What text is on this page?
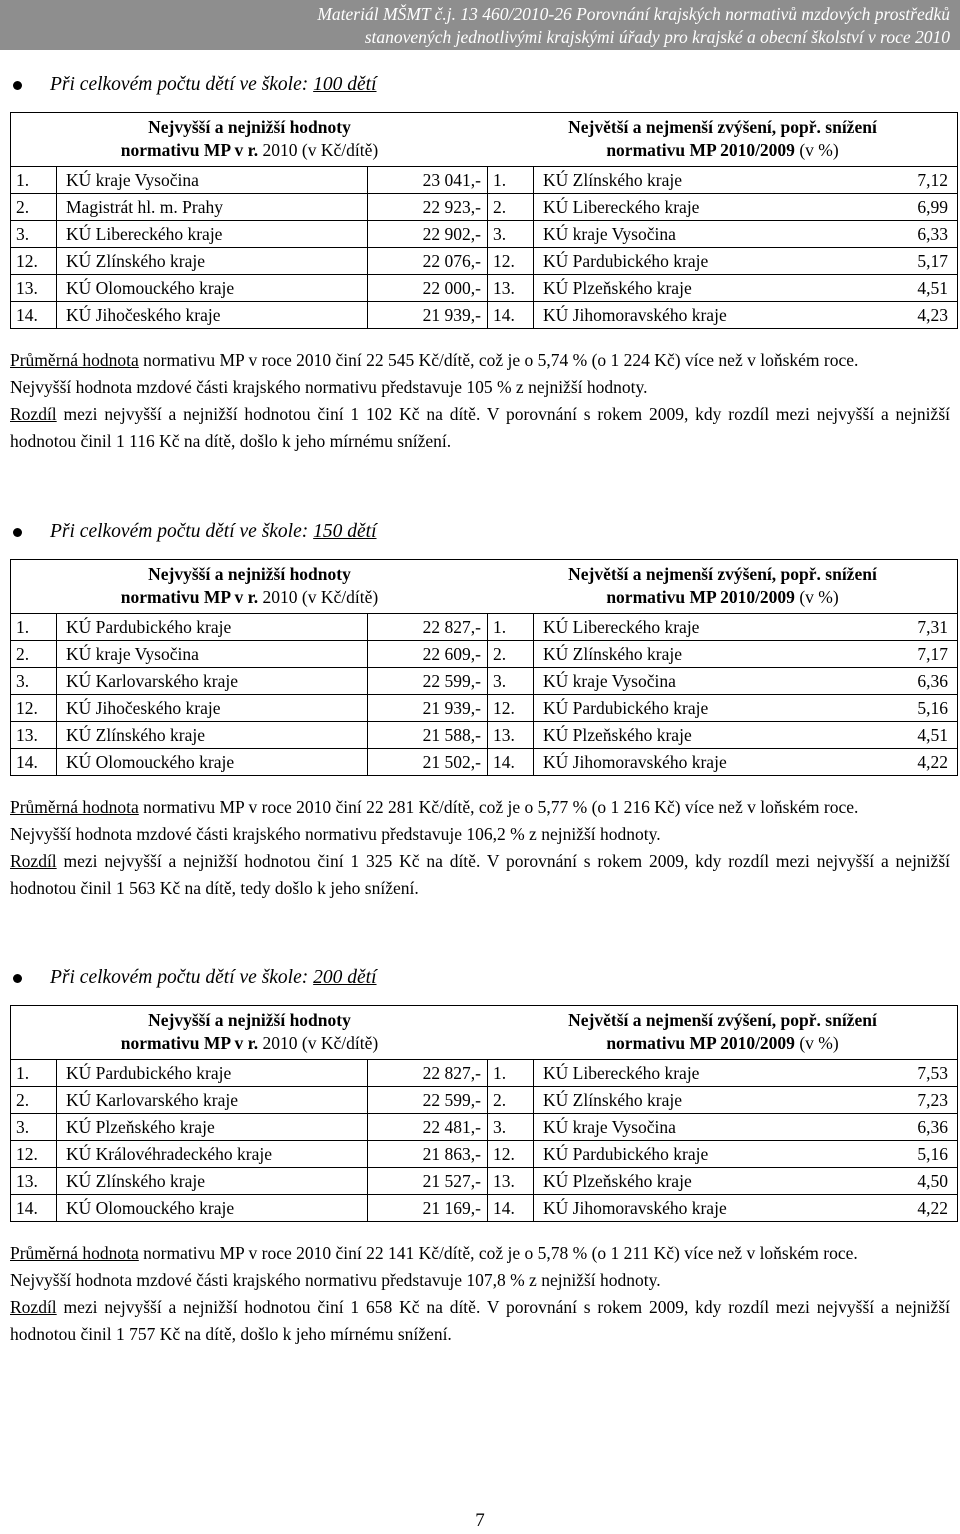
Materiál MŠMT č.j. 13 460/2010-26 Porovnání krajských normativů mzdových prostředků
stanovených jednotlivými krajskými úřady pro krajské a obecní školství v roce 2010
Při celkovém počtu dětí ve škole: 100 dětí
Nejvyšší a nejnižší hodnoty
normativu MP v r. 2010 (v Kč/dítě)
Největší a nejmenší zvýšení, popř. snížení
normativu MP 2010/2009 (v %)
1.	KÚ kraje Vysočina	23 041,- 1.	KÚ Zlínského kraje	7,12
2.	Magistrát hl. m. Prahy	22 923,- 2.	KÚ Libereckého kraje	6,99
3.	KÚ Libereckého kraje	22 902,- 3.	KÚ kraje Vysočina	6,33
12.	KÚ Zlínského kraje	22 076,- 12.	KÚ Pardubického kraje	5,17
13.	KÚ Olomouckého kraje	22 000,- 13.	KÚ Plzeňského kraje	4,51
14.	KÚ Jihočeského kraje	21 939,- 14.	KÚ Jihomoravského kraje	4,23

Průměrná hodnota normativu MP v roce 2010 činí 22 545 Kč/dítě, což je o 5,74 % (o 1 224 Kč) více než v loňském roce.

Nejvyšší hodnota mzdové části krajského normativu představuje 105 % z nejnižší hodnoty.

Rozdíl mezi nejvyšší a nejnižší hodnotou činí 1 102 Kč na dítě. V porovnání s rokem 2009, kdy rozdíl mezi nejvyšší a nejnižší hodnotou činil 1 116 Kč na dítě, došlo k jeho mírnému snížení.

Při celkovém počtu dětí ve škole: 150 dětí
Nejvyšší a nejnižší hodnoty
normativu MP v r. 2010 (v Kč/dítě)
Největší a nejmenší zvýšení, popř. snížení
normativu MP 2010/2009 (v %)
1.	KÚ Pardubického kraje	22 827,- 1.	KÚ Libereckého kraje	7,31
2.	KÚ kraje Vysočina	22 609,- 2.	KÚ Zlínského kraje	7,17
3.	KÚ Karlovarského kraje	22 599,- 3.	KÚ kraje Vysočina	6,36
12.	KÚ Jihočeského kraje	21 939,- 12.	KÚ Pardubického kraje	5,16
13.	KÚ Zlínského kraje	21 588,- 13.	KÚ Plzeňského kraje	4,51
14.	KÚ Olomouckého kraje	21 502,- 14.	KÚ Jihomoravského kraje	4,22

Průměrná hodnota normativu MP v roce 2010 činí 22 281 Kč/dítě, což je o 5,77 % (o 1 216 Kč) více než v loňském roce.

Nejvyšší hodnota mzdové části krajského normativu představuje 106,2 % z nejnižší hodnoty.

Rozdíl mezi nejvyšší a nejnižší hodnotou činí 1 325 Kč na dítě. V porovnání s rokem 2009, kdy rozdíl mezi nejvyšší a nejnižší hodnotou činil 1 563 Kč na dítě, tedy došlo k jeho snížení.

Při celkovém počtu dětí ve škole: 200 dětí
Nejvyšší a nejnižší hodnoty
normativu MP v r. 2010 (v Kč/dítě)
Největší a nejmenší zvýšení, popř. snížení
normativu MP 2010/2009 (v %)
1.	KÚ Pardubického kraje	22 827,- 1.	KÚ Libereckého kraje	7,53
2.	KÚ Karlovarského kraje	22 599,- 2.	KÚ Zlínského kraje	7,23
3.	KÚ Plzeňského kraje	22 481,- 3.	KÚ kraje Vysočina	6,36
12.	KÚ Královéhradeckého kraje	21 863,- 12.	KÚ Pardubického kraje	5,16
13.	KÚ Zlínského kraje	21 527,- 13.	KÚ Plzeňského kraje	4,50
14.	KÚ Olomouckého kraje	21 169,- 14.	KÚ Jihomoravského kraje	4,22

Průměrná hodnota normativu MP v roce 2010 činí 22 141 Kč/dítě, což je o 5,78 % (o 1 211 Kč) více než v loňském roce.

Nejvyšší hodnota mzdové části krajského normativu představuje 107,8 % z nejnižší hodnoty.

Rozdíl mezi nejvyšší a nejnižší hodnotou činí 1 658 Kč na dítě. V porovnání s rokem 2009, kdy rozdíl mezi nejvyšší a nejnižší hodnotou činil 1 757 Kč na dítě, došlo k jeho mírnému snížení.

7
